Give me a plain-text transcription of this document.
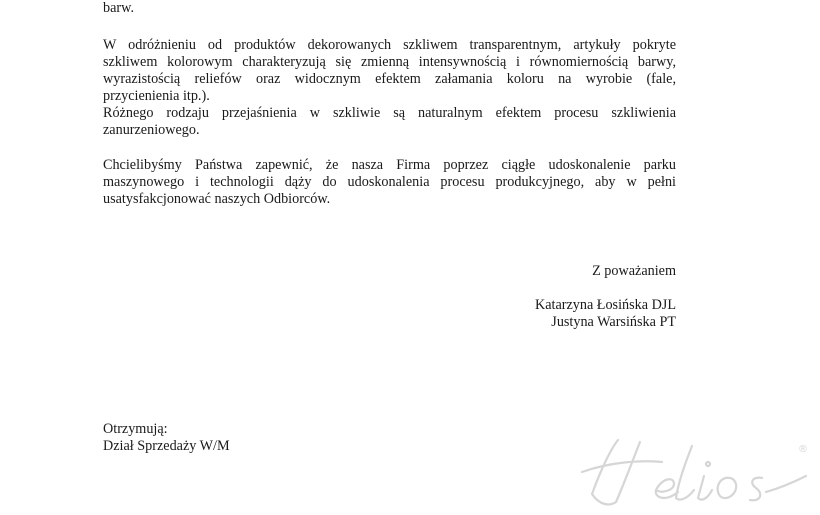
barw.
W odróżnieniu od produktów dekorowanych szkliwem transparentnym, artykuły pokryte
szkliwem kolorowym charakteryzują się zmienną intensywnością i równomiernością barwy,
wyrazistością reliefów oraz widocznym efektem załamania koloru na wyrobie (fale,
przycienienia itp.).
Różnego rodzaju przejaśnienia w szkliwie są naturalnym efektem procesu szkliwienia
zanurzeniowego.
Chcielibyśmy Państwa zapewnić, że nasza Firma poprzez ciągłe udoskonalenie parku
maszynowego i technologii dąży do udoskonalenia procesu produkcyjnego, aby w pełni
usatysfakcjonować naszych Odbiorców.
Z poważaniem
Katarzyna Łosińska DJL
Justyna Warsińska PT
Otrzymują:
Dział Sprzedaży W/M	®
